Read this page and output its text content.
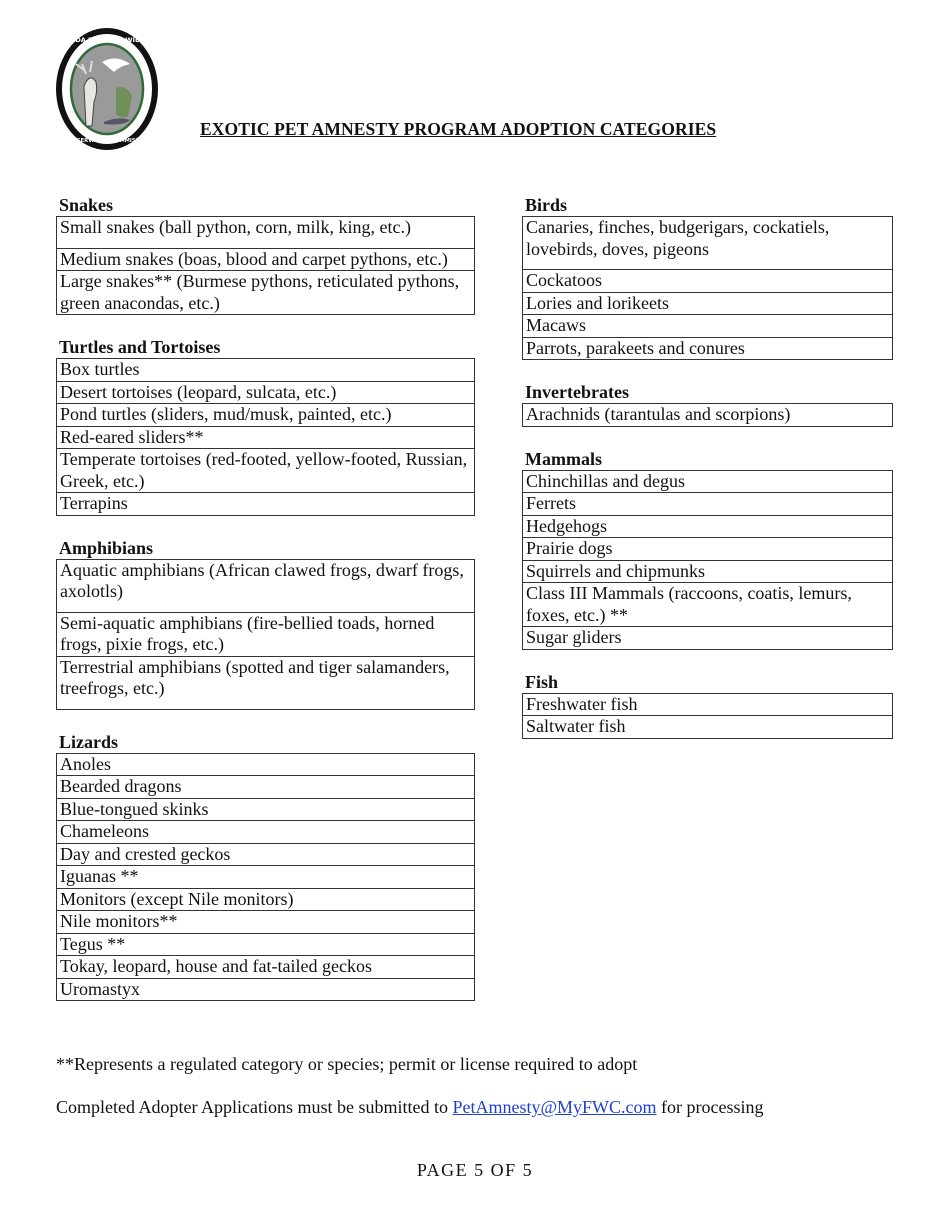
FLORIDA FISH AND WILDLIFE
CONSERVATION COMMISSION
EXOTIC PET AMNESTY PROGRAM ADOPTION CATEGORIES
Snakes
Small snakes (ball python, corn, milk, king, etc.)
Medium snakes (boas, blood and carpet pythons, etc.)
Large snakes** (Burmese pythons, reticulated pythons, green anacondas, etc.)
Turtles and Tortoises
Box turtles
Desert tortoises (leopard, sulcata, etc.)
Pond turtles (sliders, mud/musk, painted, etc.)
Red-eared sliders**
Temperate tortoises (red-footed, yellow-footed, Russian, Greek, etc.)
Terrapins
Amphibians
Aquatic amphibians (African clawed frogs, dwarf frogs, axolotls)
Semi-aquatic amphibians (fire-bellied toads, horned frogs, pixie frogs, etc.)
Terrestrial amphibians (spotted and tiger salamanders, treefrogs, etc.)
Lizards
Anoles
Bearded dragons
Blue-tongued skinks
Chameleons
Day and crested geckos
Iguanas **
Monitors (except Nile monitors)
Nile monitors**
Tegus **
Tokay, leopard, house and fat-tailed geckos
Uromastyx
Birds
Canaries, finches, budgerigars, cockatiels, lovebirds, doves, pigeons
Cockatoos
Lories and lorikeets
Macaws
Parrots, parakeets and conures
Invertebrates
Arachnids (tarantulas and scorpions)
Mammals
Chinchillas and degus
Ferrets
Hedgehogs
Prairie dogs
Squirrels and chipmunks
Class III Mammals (raccoons, coatis, lemurs, foxes, etc.) **
Sugar gliders
Fish
Freshwater fish
Saltwater fish

**Represents a regulated category or species; permit or license required to adopt

Completed Adopter Applications must be submitted to PetAmnesty@MyFWC.com for processing

PAGE 5 OF 5
